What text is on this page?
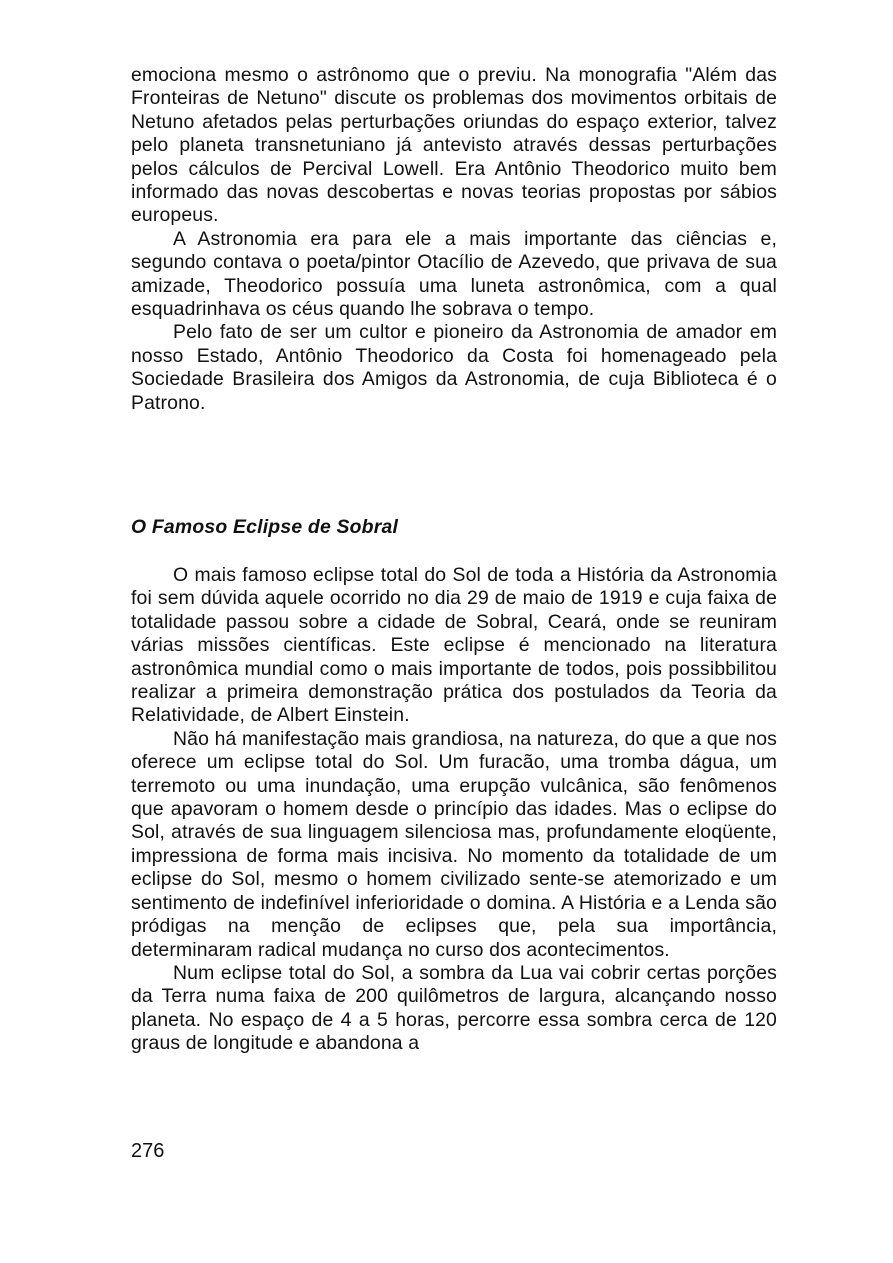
emociona mesmo o astrônomo que o previu. Na monografia "Além das Fronteiras de Netuno" discute os problemas dos movimentos orbitais de Netuno afetados pelas perturbações oriundas do espaço exterior, talvez pelo planeta transnetuniano já antevisto através dessas perturbações pelos cálculos de Percival Lowell. Era Antônio Theodorico muito bem informado das novas descobertas e novas teorias propostas por sábios europeus.

A Astronomia era para ele a mais importante das ciências e, segundo contava o poeta/pintor Otacílio de Azevedo, que privava de sua amizade, Theodorico possuía uma luneta astronômica, com a qual esquadrinhava os céus quando lhe sobrava o tempo.

Pelo fato de ser um cultor e pioneiro da Astronomia de amador em nosso Estado, Antônio Theodorico da Costa foi homenageado pela Sociedade Brasileira dos Amigos da Astronomia, de cuja Biblioteca é o Patrono.

O Famoso Eclipse de Sobral

O mais famoso eclipse total do Sol de toda a História da Astronomia foi sem dúvida aquele ocorrido no dia 29 de maio de 1919 e cuja faixa de totalidade passou sobre a cidade de Sobral, Ceará, onde se reuniram várias missões científicas. Este eclipse é mencionado na literatura astronômica mundial como o mais importante de todos, pois possibbilitou realizar a primeira demonstração prática dos postulados da Teoria da Relatividade, de Albert Einstein.

Não há manifestação mais grandiosa, na natureza, do que a que nos oferece um eclipse total do Sol. Um furacão, uma tromba dágua, um terremoto ou uma inundação, uma erupção vulcânica, são fenômenos que apavoram o homem desde o princípio das idades. Mas o eclipse do Sol, através de sua linguagem silenciosa mas, profundamente eloqüente, impressiona de forma mais incisiva. No momento da totalidade de um eclipse do Sol, mesmo o homem civilizado sente-se atemorizado e um sentimento de indefinível inferioridade o domina. A História e a Lenda são pródigas na menção de eclipses que, pela sua importância, determinaram radical mudança no curso dos acontecimentos.

Num eclipse total do Sol, a sombra da Lua vai cobrir certas porções da Terra numa faixa de 200 quilômetros de largura, alcançando nosso planeta. No espaço de 4 a 5 horas, percorre essa sombra cerca de 120 graus de longitude e abandona a

276
